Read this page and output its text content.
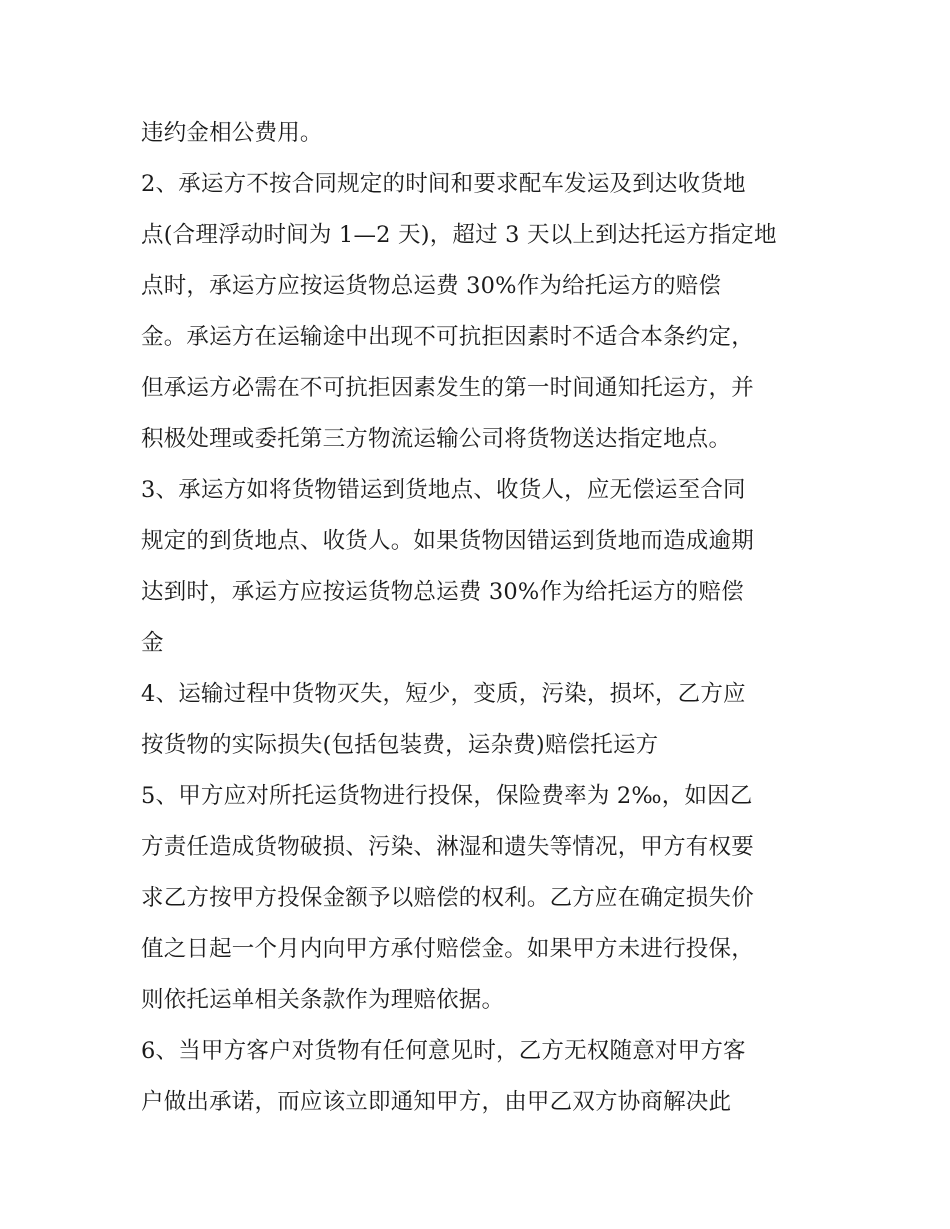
违约金相公费用。
2、承运方不按合同规定的时间和要求配车发运及到达收货地
点(合理浮动时间为 1—2 天)，超过 3 天以上到达托运方指定地
点时，承运方应按运货物总运费 30%作为给托运方的赔偿
金。承运方在运输途中出现不可抗拒因素时不适合本条约定，
但承运方必需在不可抗拒因素发生的第一时间通知托运方，并
积极处理或委托第三方物流运输公司将货物送达指定地点。
3、承运方如将货物错运到货地点、收货人，应无偿运至合同
规定的到货地点、收货人。如果货物因错运到货地而造成逾期
达到时，承运方应按运货物总运费 30%作为给托运方的赔偿
金
4、运输过程中货物灭失，短少，变质，污染，损坏，乙方应
按货物的实际损失(包括包装费，运杂费)赔偿托运方
5、甲方应对所托运货物进行投保，保险费率为 2‰，如因乙
方责任造成货物破损、污染、淋湿和遗失等情况，甲方有权要
求乙方按甲方投保金额予以赔偿的权利。乙方应在确定损失价
值之日起一个月内向甲方承付赔偿金。如果甲方未进行投保，
则依托运单相关条款作为理赔依据。
6、当甲方客户对货物有任何意见时，乙方无权随意对甲方客
户做出承诺，而应该立即通知甲方，由甲乙双方协商解决此
